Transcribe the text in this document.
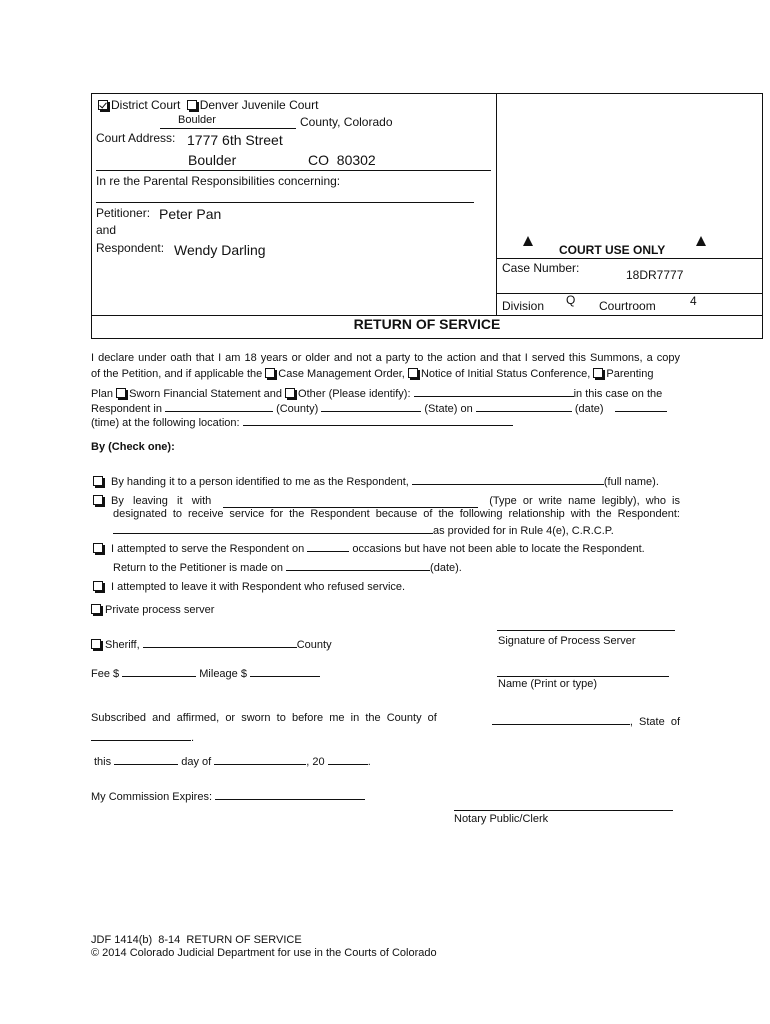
District Court Denver Juvenile Court
Boulder	County, Colorado
Court Address: 1777 6th Street
Boulder	CO  80302
In re the Parental Responsibilities concerning:
Petitioner: Peter Pan
and
Respondent: Wendy Darling	COURT USE ONLY
Case Number:	18DR7777
Division Q Courtroom	4
RETURN OF SERVICE
I declare under oath that I am 18 years or older and not a party to the action and that I served this Summons, a copy
of the Petition, and if applicable the Case Management Order, Notice of Initial Status Conference, Parenting
Plan Sworn Financial Statement and Other (Please identify):	in this case on the
Respondent in	(County)	(State) on	(date)
(time) at the following location:
By (Check one):
By handing it to a person identified to me as the Respondent,	(full name).
By   leaving   it   with	(Type  or  write  name  legibly),  who  is
designated to receive service for the Respondent because of the following relationship with the Respondent:
as provided for in Rule 4(e), C.R.C.P.
I attempted to serve the Respondent on	occasions but have not been able to locate the Respondent.
Return to the Petitioner is made on	(date).
I attempted to leave it with Respondent who refused service.
Private process server
Sheriff,	County	Signature of Process Server
Name (Print or type)
Fee $	Mileage $
Subscribed  and  affirmed,  or  sworn  to  before  me  in  the  County  of	,  State  of
.
this	day of	, 20	.
My Commission Expires:
Notary Public/Clerk
JDF 1414(b)  8-14  RETURN OF SERVICE
© 2014 Colorado Judicial Department for use in the Courts of Colorado
